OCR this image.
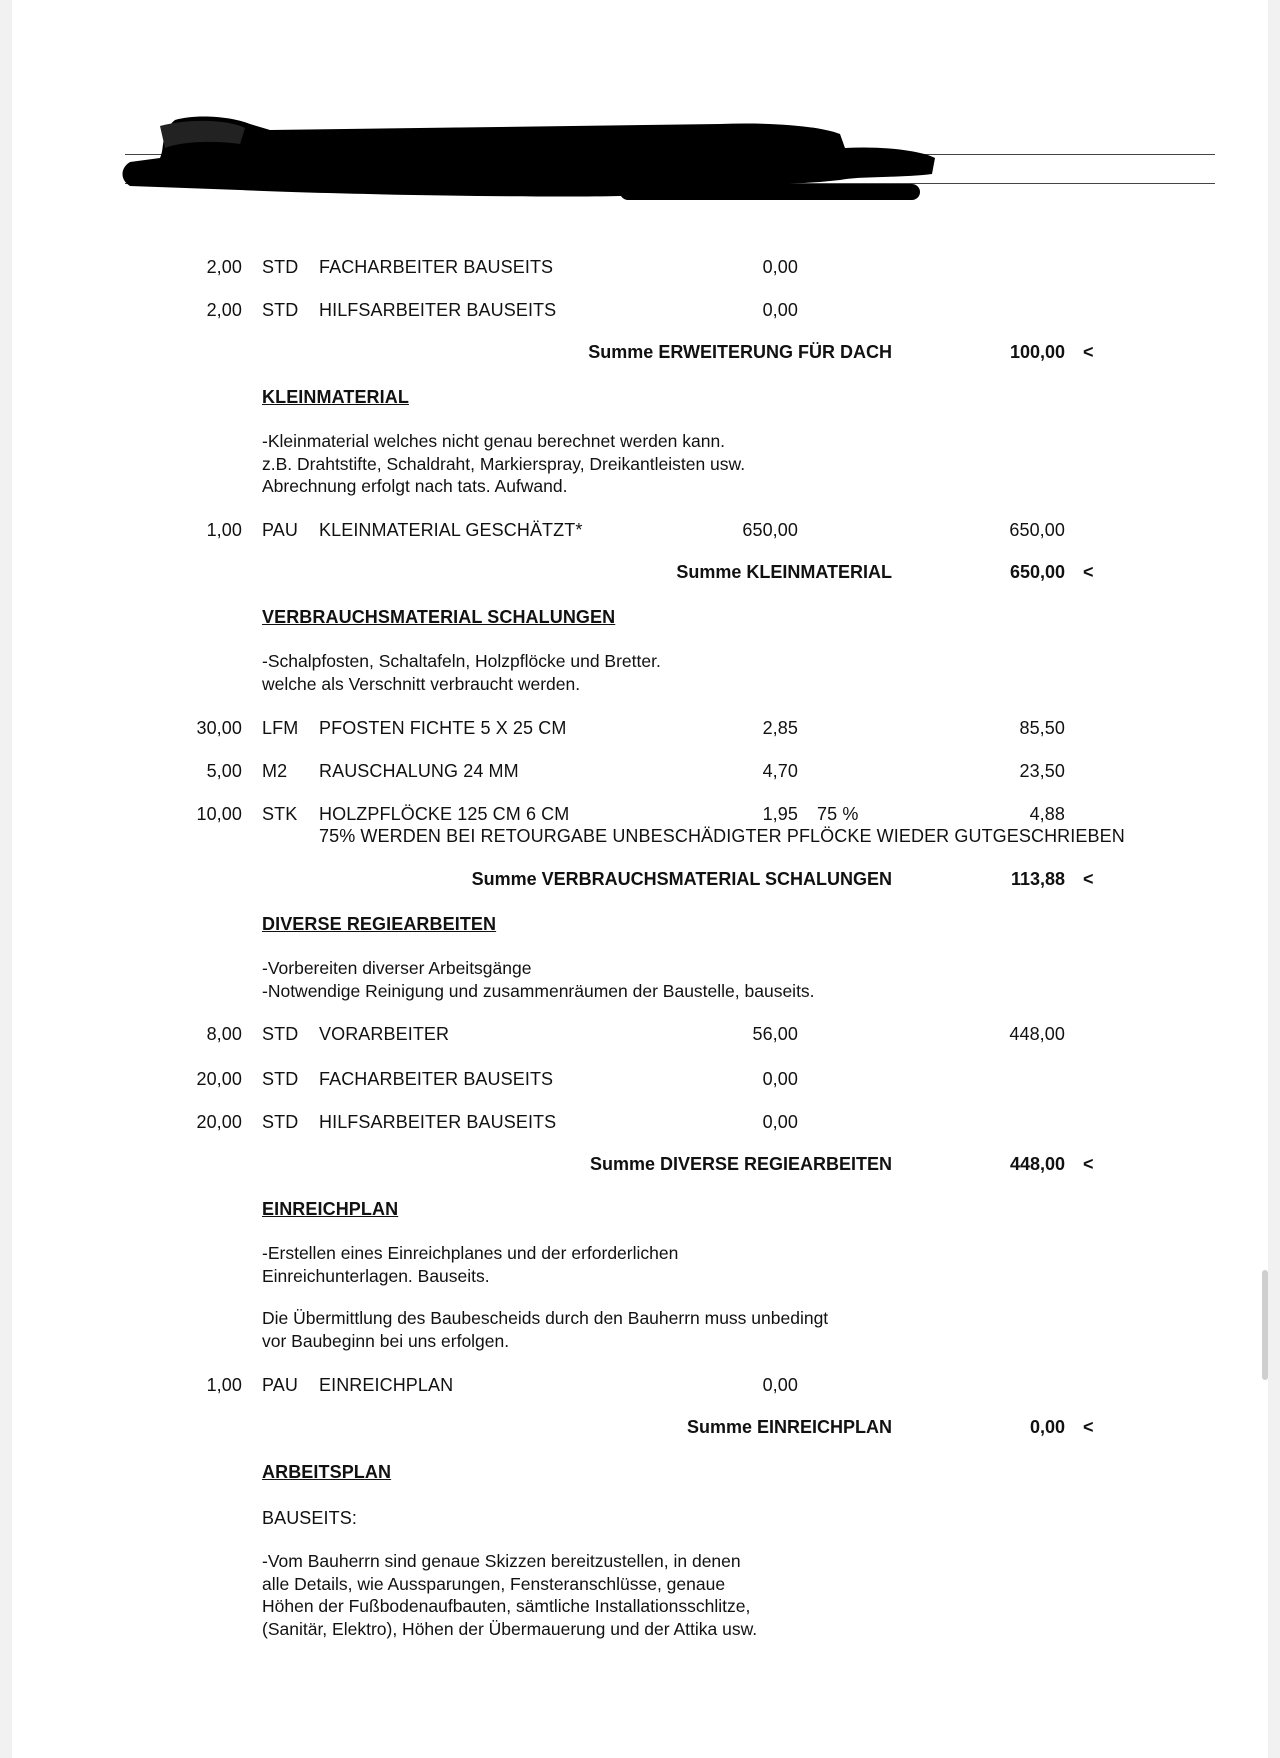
2,00 STD FACHARBEITER BAUSEITS	0,00
2,00 STD HILFSARBEITER BAUSEITS	0,00
Summe ERWEITERUNG FÜR DACH	100,00 <
KLEINMATERIAL
-Kleinmaterial welches nicht genau berechnet werden kann.
z.B. Drahtstifte, Schaldraht, Markierspray, Dreikantleisten usw.
Abrechnung erfolgt nach tats. Aufwand.
1,00 PAU KLEINMATERIAL GESCHÄTZT*	650,00	650,00
Summe KLEINMATERIAL	650,00 <
VERBRAUCHSMATERIAL SCHALUNGEN
-Schalpfosten, Schaltafeln, Holzpflöcke und Bretter.
welche als Verschnitt verbraucht werden.
30,00 LFM PFOSTEN FICHTE 5 X 25 CM	2,85	85,50
5,00 M2 RAUSCHALUNG 24 MM	4,70	23,50
10,00 STK HOLZPFLÖCKE 125 CM 6 CM	1,95 75 %	4,88
75% WERDEN BEI RETOURGABE UNBESCHÄDIGTER PFLÖCKE WIEDER GUTGESCHRIEBEN
Summe VERBRAUCHSMATERIAL SCHALUNGEN	113,88 <
DIVERSE REGIEARBEITEN
-Vorbereiten diverser Arbeitsgänge
-Notwendige Reinigung und zusammenräumen der Baustelle, bauseits.
8,00 STD VORARBEITER	56,00	448,00
20,00 STD FACHARBEITER BAUSEITS	0,00
20,00 STD HILFSARBEITER BAUSEITS	0,00
Summe DIVERSE REGIEARBEITEN	448,00 <
EINREICHPLAN
-Erstellen eines Einreichplanes und der erforderlichen
Einreichunterlagen. Bauseits.
Die Übermittlung des Baubescheids durch den Bauherrn muss unbedingt
vor Baubeginn bei uns erfolgen.
1,00 PAU EINREICHPLAN	0,00
Summe EINREICHPLAN	0,00 <
ARBEITSPLAN
BAUSEITS:
-Vom Bauherrn sind genaue Skizzen bereitzustellen, in denen
alle Details, wie Aussparungen, Fensteranschlüsse, genaue
Höhen der Fußbodenaufbauten, sämtliche Installationsschlitze,
(Sanitär, Elektro), Höhen der Übermauerung und der Attika usw.
